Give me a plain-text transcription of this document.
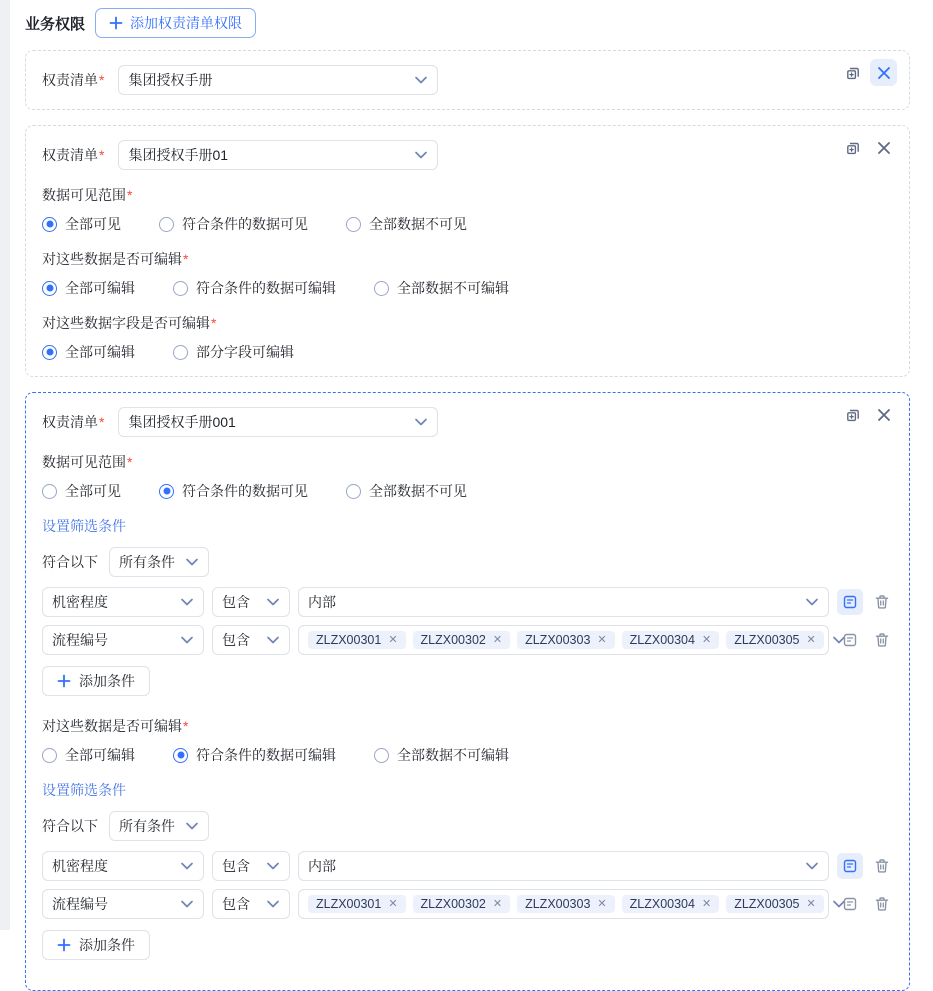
业务权限	添加权责清单权限
权责清单* 集团授权手册
权责清单* 集团授权手册01
数据可见范围*
全部可见	符合条件的数据可见	全部数据不可见
对这些数据是否可编辑*
全部可编辑	符合条件的数据可编辑	全部数据不可编辑
对这些数据字段是否可编辑*
全部可编辑	部分字段可编辑
权责清单* 集团授权手册001
数据可见范围*
全部可见	符合条件的数据可见	全部数据不可见
设置筛选条件
符合以下 所有条件
机密程度	包含	内部
流程编号	包含	ZLZX00301 ✕ ZLZX00302 ✕ ZLZX00303 ✕ ZLZX00304 ✕ ZLZX00305 ✕
添加条件
对这些数据是否可编辑*
全部可编辑	符合条件的数据可编辑	全部数据不可编辑
设置筛选条件
符合以下 所有条件
机密程度	包含	内部
流程编号	包含	ZLZX00301 ✕ ZLZX00302 ✕ ZLZX00303 ✕ ZLZX00304 ✕ ZLZX00305 ✕
添加条件
